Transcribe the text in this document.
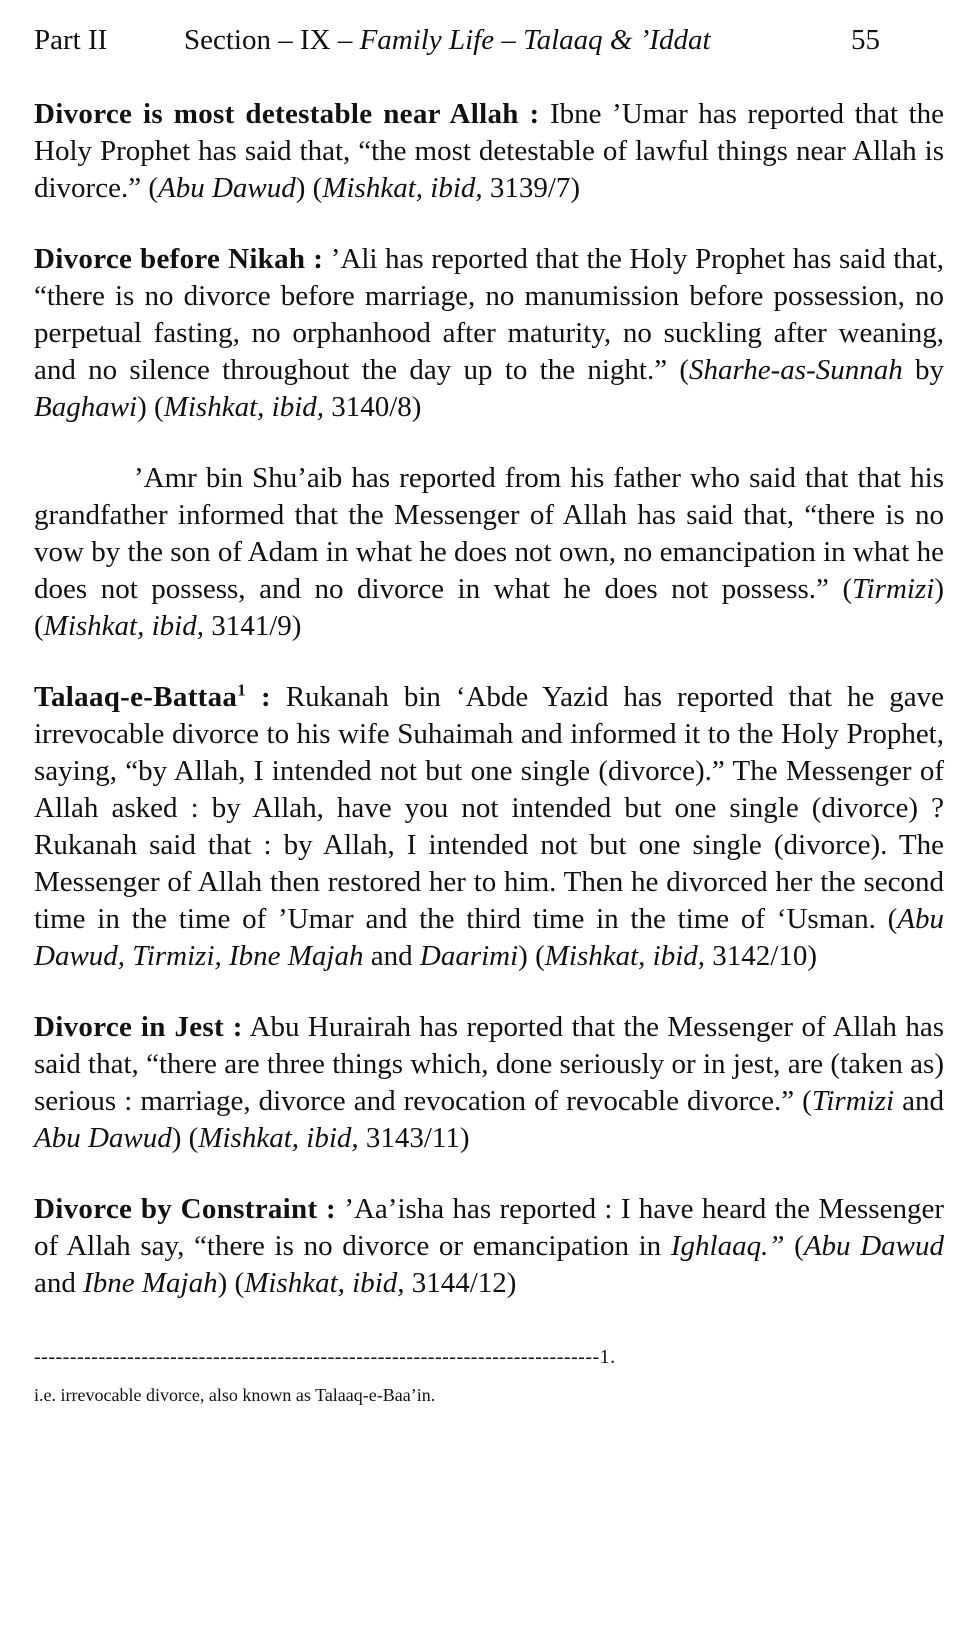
Part II	Section – IX – Family Life – Talaaq & ’Iddat	55

Divorce is most detestable near Allah : Ibne ’Umar has reported that the Holy Prophet has said that, “the most detestable of lawful things near Allah is divorce.” (Abu Dawud) (Mishkat, ibid, 3139/7)

Divorce before Nikah : ’Ali has reported that the Holy Prophet has said that, “there is no divorce before marriage, no manumission before possession, no perpetual fasting, no orphanhood after maturity, no suckling after weaning, and no silence throughout the day up to the night.” (Sharhe-as-Sunnah by Baghawi) (Mishkat, ibid, 3140/8)

’Amr bin Shu’aib has reported from his father who said that that his grandfather informed that the Messenger of Allah has said that, “there is no vow by the son of Adam in what he does not own, no emancipation in what he does not possess, and no divorce in what he does not possess.” (Tirmizi) (Mishkat, ibid, 3141/9)

Talaaq-e-Battaa$^1$ : Rukanah bin ‘Abde Yazid has reported that he gave irrevocable divorce to his wife Suhaimah and informed it to the Holy Prophet, saying, “by Allah, I intended not but one single (divorce).” The Messenger of Allah asked : by Allah, have you not intended but one single (divorce) ? Rukanah said that : by Allah, I intended not but one single (divorce). The Messenger of Allah then restored her to him. Then he divorced her the second time in the time of ’Umar and the third time in the time of ‘Usman. (Abu Dawud, Tirmizi, Ibne Majah and Daarimi) (Mishkat, ibid, 3142/10)

Divorce in Jest : Abu Hurairah has reported that the Messenger of Allah has said that, “there are three things which, done seriously or in jest, are (taken as) serious : marriage, divorce and revocation of revocable divorce.” (Tirmizi and Abu Dawud) (Mishkat, ibid, 3143/11)

Divorce by Constraint : ’Aa’isha has reported : I have heard the Messenger of Allah say, “there is no divorce or emancipation in Ighlaaq.” (Abu Dawud and Ibne Majah) (Mishkat, ibid, 3144/12)

-------------------------------------------------------------------------------1.
i.e. irrevocable divorce, also known as Talaaq-e-Baa’in.
